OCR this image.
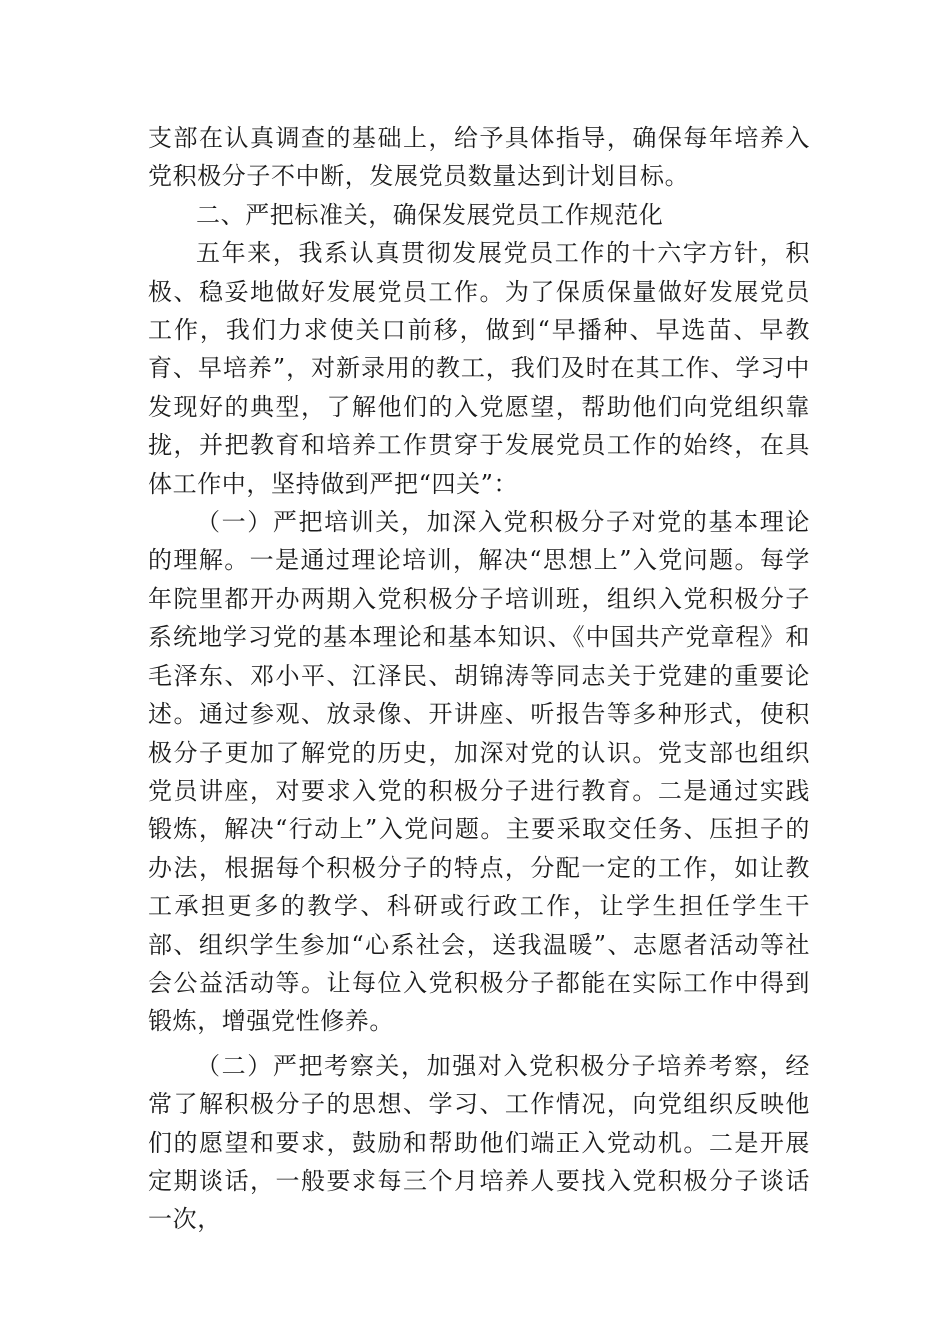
支部在认真调查的基础上，给予具体指导，确保每年培养入党积极分子不中断，发展党员数量达到计划目标。

二、严把标准关，确保发展党员工作规范化

五年来，我系认真贯彻发展党员工作的十六字方针，积极、稳妥地做好发展党员工作。为了保质保量做好发展党员工作，我们力求使关口前移，做到“早播种、早选苗、早教育、早培养”，对新录用的教工，我们及时在其工作、学习中发现好的典型，了解他们的入党愿望，帮助他们向党组织靠拢，并把教育和培养工作贯穿于发展党员工作的始终，在具体工作中，坚持做到严把“四关”：

（一）严把培训关，加深入党积极分子对党的基本理论的理解。一是通过理论培训，解决“思想上”入党问题。每学年院里都开办两期入党积极分子培训班，组织入党积极分子系统地学习党的基本理论和基本知识、《中国共产党章程》和毛泽东、邓小平、江泽民、胡锦涛等同志关于党建的重要论述。通过参观、放录像、开讲座、听报告等多种形式，使积极分子更加了解党的历史，加深对党的认识。党支部也组织党员讲座，对要求入党的积极分子进行教育。二是通过实践锻炼，解决“行动上”入党问题。主要采取交任务、压担子的办法，根据每个积极分子的特点，分配一定的工作，如让教工承担更多的教学、科研或行政工作，让学生担任学生干部、组织学生参加“心系社会，送我温暖”、志愿者活动等社会公益活动等。让每位入党积极分子都能在实际工作中得到锻炼，增强党性修养。

（二）严把考察关，加强对入党积极分子培养考察，经常了解积极分子的思想、学习、工作情况，向党组织反映他们的愿望和要求，鼓励和帮助他们端正入党动机。二是开展定期谈话，一般要求每三个月培养人要找入党积极分子谈话一次，
